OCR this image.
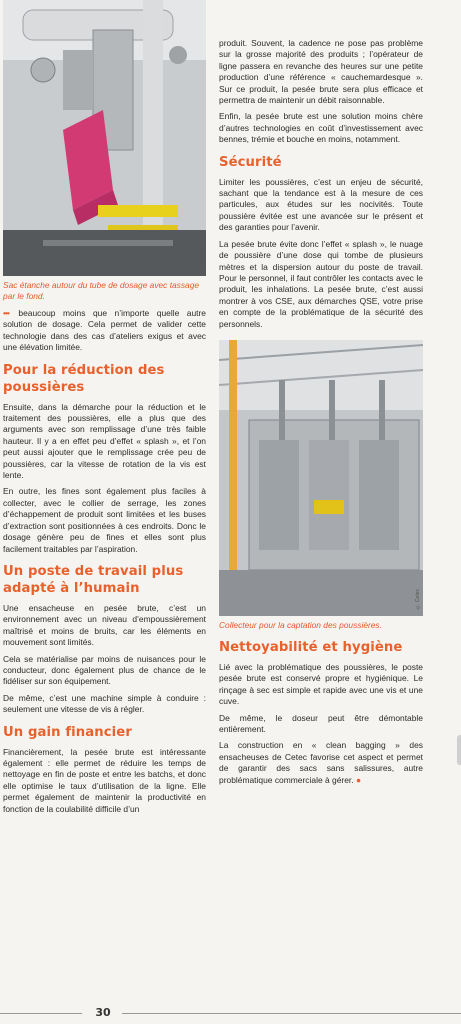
© Cetec
Sac étanche autour du tube de dosage avec tassage par le fond.

••• beaucoup moins que n’importe quelle autre solution de dosage. Cela permet de valider cette technologie dans des cas d’ateliers exigus et avec une élévation limitée.

Pour la réduction des poussières

Ensuite, dans la démarche pour la réduction et le traitement des poussières, elle a plus que des arguments avec son remplissage d’une très faible hauteur. Il y a en effet peu d’effet « splash », et l’on peut aussi ajouter que le remplissage crée peu de poussières, car la vitesse de rotation de la vis est lente.

En outre, les fines sont également plus faciles à collecter, avec le collier de serrage, les zones d’échappement de produit sont limitées et les buses d’extraction sont positionnées à ces endroits. Donc le dosage génère peu de fines et elles sont plus facilement traitables par l’aspiration.

Un poste de travail plus adapté à l’humain

Une ensacheuse en pesée brute, c’est un environnement avec un niveau d’empoussièrement maîtrisé et moins de bruits, car les éléments en mouvement sont limités.

Cela se matérialise par moins de nuisances pour le conducteur, donc également plus de chance de le fidéliser sur son équipement.

De même, c’est une machine simple à conduire : seulement une vitesse de vis à régler.

Un gain financier

Financièrement, la pesée brute est intéressante également : elle permet de réduire les temps de nettoyage en fin de poste et entre les batchs, et donc elle optimise le taux d’utilisation de la ligne. Elle permet également de maintenir la productivité en fonction de la coulabilité difficile d’un

produit. Souvent, la cadence ne pose pas problème sur la grosse majorité des produits ; l’opérateur de ligne passera en revanche des heures sur une petite production d’une référence « cauchemardesque ». Sur ce produit, la pesée brute sera plus efficace et permettra de maintenir un débit raisonnable.

Enfin, la pesée brute est une solution moins chère d’autres technologies en coût d’investissement avec bennes, trémie et bouche en moins, notamment.

Sécurité

Limiter les poussières, c’est un enjeu de sécurité, sachant que la tendance est à la mesure de ces particules, aux études sur les nocivités. Toute poussière évitée est une avancée sur le présent et des garanties pour l’avenir.

La pesée brute évite donc l’effet « splash », le nuage de poussière d’une dose qui tombe de plusieurs mètres et la dispersion autour du poste de travail. Pour le personnel, il faut contrôler les contacts avec le produit, les inhalations. La pesée brute, c’est aussi montrer à vos CSE, aux démarches QSE, votre prise en compte de la problématique de la sécurité des personnels.

© Cetec
Collecteur pour la captation des poussières.
Nettoyabilité et hygiène

Lié avec la problématique des poussières, le poste pesée brute est conservé propre et hygiénique. Le rinçage à sec est simple et rapide avec une vis et une cuve.

De même, le doseur peut être démontable entièrement.

La construction en « clean bagging » des ensacheuses de Cetec favorise cet aspect et permet de garantir des sacs sans salissures, autre problématique commerciale à gérer. ●

30
